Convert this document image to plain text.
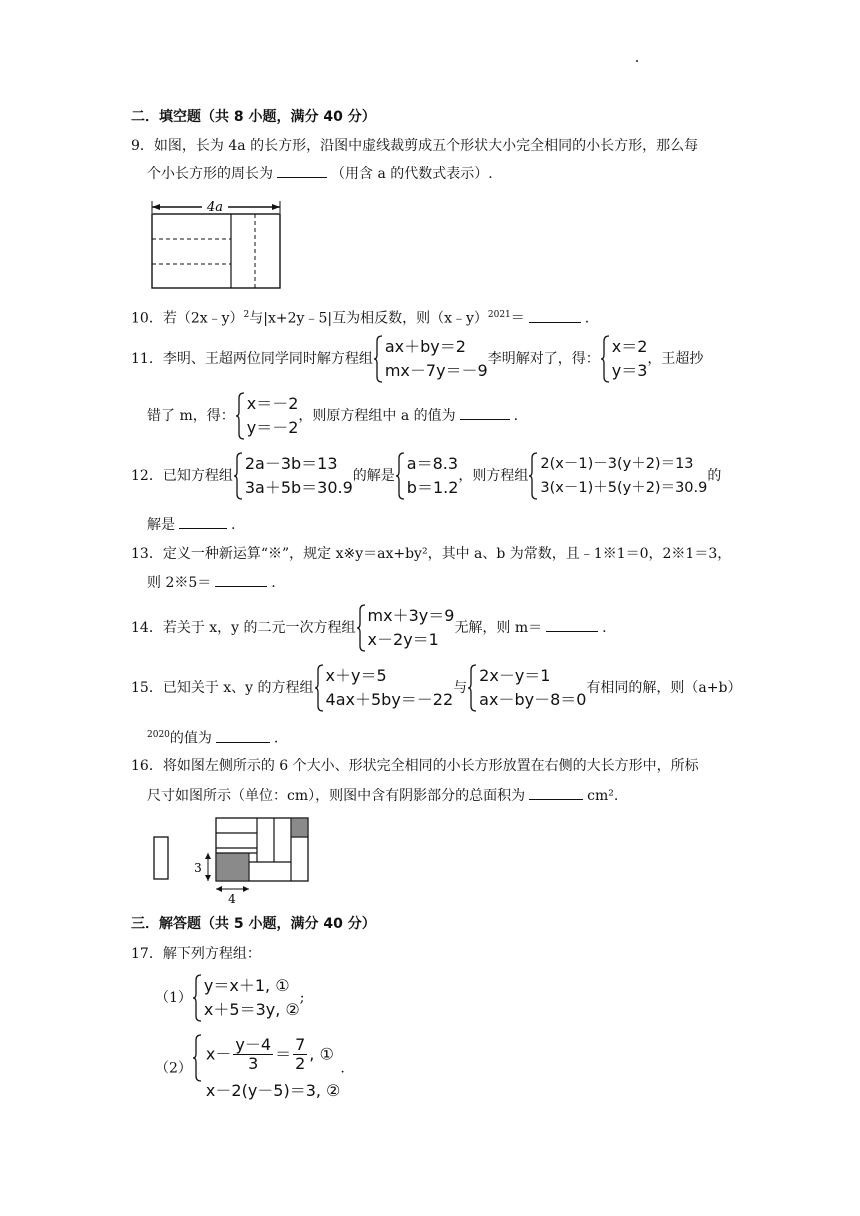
二．填空题（共 8 小题，满分 40 分）
9．如图，长为 4a 的长方形，沿图中虚线裁剪成五个形状大小完全相同的小长方形，那么每
个小长方形的周长为	（用含 a 的代数式表示）.
4a
10．若（2x﹣y）$^2$与|x+2y﹣5|互为相反数，则（x﹣y）$^{2021}$＝	.
11．李明、王超两位同学同时解方程组
ax＋by＝2
mx－7y＝－9
李明解对了，得：
x＝2
y＝3
，王超抄
错了 m，得：
x＝－2
y＝－2
，则原方程组中 a 的值为	.
12．已知方程组
2a－3b＝13
3a＋5b＝30.9
的解是
a＝8.3
b＝1.2
，则方程组
2(x－1)－3(y＋2)＝13
3(x－1)＋5(y＋2)＝30.9
的
解是	.
13．定义一种新运算“※”，规定 x※y＝ax+by²，其中 a、b 为常数，且﹣1※1＝0，2※1＝3，
则 2※5＝	.
14．若关于 x，y 的二元一次方程组
mx＋3y＝9
x－2y＝1
无解，则 m＝	.
15．已知关于 x、y 的方程组
x＋y＝5
4ax＋5by＝－22
与
2x－y＝1
ax－by－8＝0
有相同的解，则（a+b）
$^{2020}$的值为	.
16．将如图左侧所示的 6 个大小、形状完全相同的小长方形放置在右侧的大长方形中，所标
尺寸如图所示（单位：cm），则图中含有阴影部分的总面积为	cm².
3
4
三．解答题（共 5 小题，满分 40 分）
17．解下列方程组：
（1）
y＝x＋1, ①
x＋5＝3y, ②
;
（2）
$x- \frac{y-4}{3} = \frac{7}{2}$ , ①
x－2(y－5)＝3, ②
.
